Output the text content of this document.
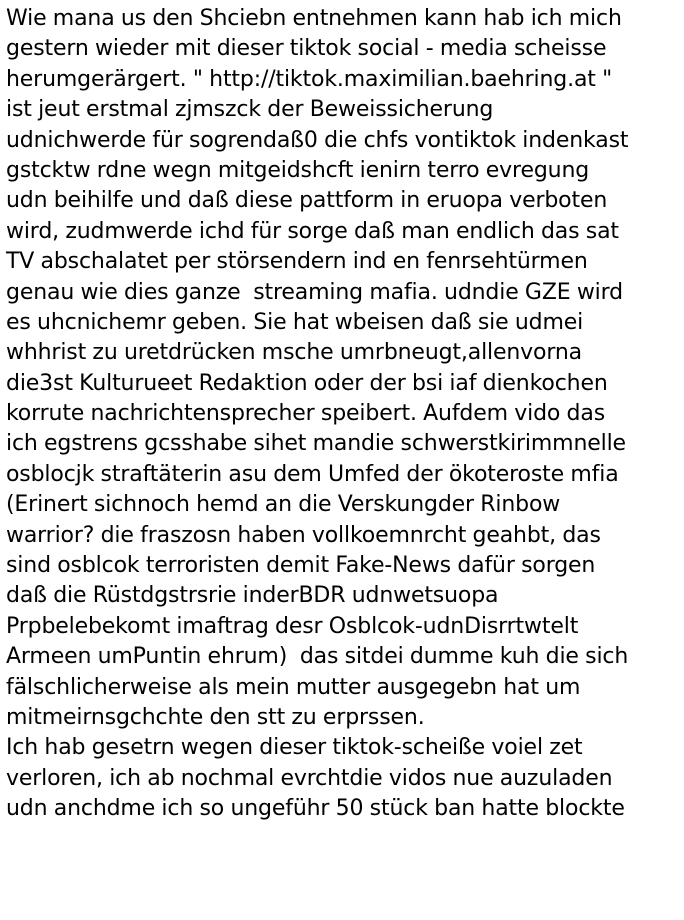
Wie mana us den Shciebn entnehmen kann hab ich mich
gestern wieder mit dieser tiktok social - media scheisse
herumgerärgert. " http://tiktok.maximilian.baehring.at "
ist jeut erstmal zjmszck der Beweissicherung
udnichwerde für sogrendaß0 die chfs vontiktok indenkast
gstcktw rdne wegn mitgeidshcft ienirn terro evregung
udn beihilfe und daß diese pattform in eruopa verboten
wird, zudmwerde ichd für sorge daß man endlich das sat
TV abschalatet per störsendern ind en fenrsehtürmen
genau wie dies ganze  streaming mafia. udndie GZE wird
es uhcnichemr geben. Sie hat wbeisen daß sie udmei
whhrist zu uretdrücken msche umrbneugt,allenvorna
die3st Kulturueet Redaktion oder der bsi iaf dienkochen
korrute nachrichtensprecher speibert. Aufdem vido das
ich egstrens gcsshabe sihet mandie schwerstkirimmnelle
osblocjk straftäterin asu dem Umfed der ökoteroste mfia
(Erinert sichnoch hemd an die Verskungder Rinbow
warrior? die fraszosn haben vollkoemnrcht geahbt, das
sind osblcok terroristen demit Fake-News dafür sorgen
daß die Rüstdgstrsrie inderBDR udnwetsuopa
Prpbelebekomt imaftrag desr Osblcok-udnDisrrtwtelt
Armeen umPuntin ehrum)  das sitdei dumme kuh die sich
fälschlicherweise als mein mutter ausgegebn hat um
mitmeirnsgchchte den stt zu erprssen.
Ich hab gesetrn wegen dieser tiktok-scheiße voiel zet
verloren, ich ab nochmal evrchtdie vidos nue auzuladen
udn anchdme ich so ungeführ 50 stück ban hatte blockte
